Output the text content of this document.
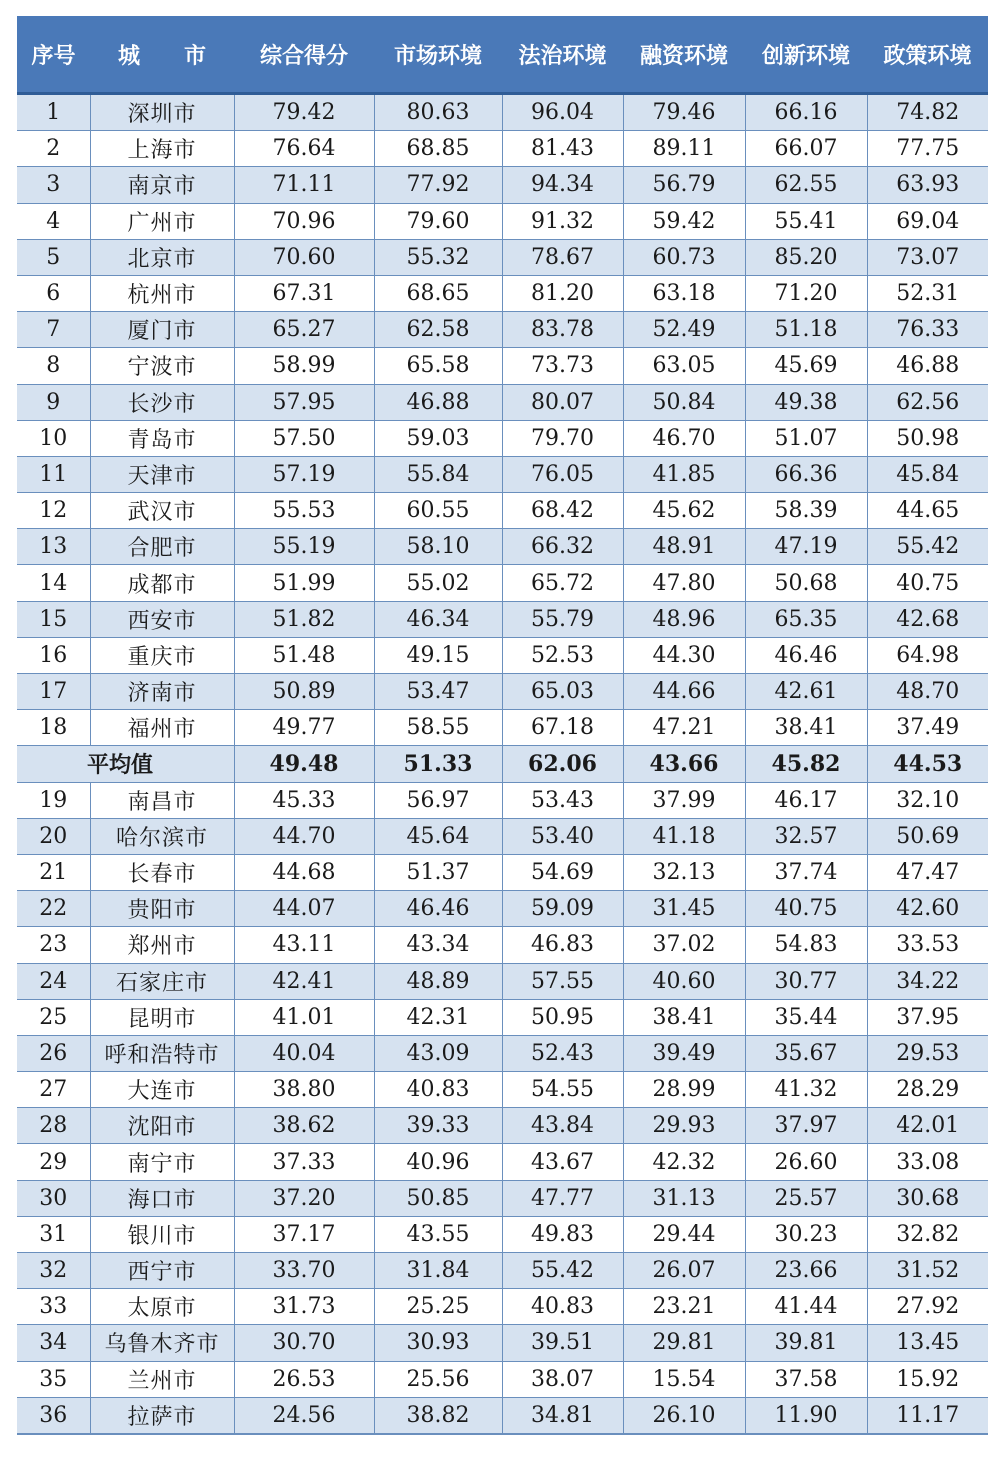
序号	城　　市	综合得分	市场环境	法治环境	融资环境	创新环境	政策环境
1	深圳市	79.42	80.63	96.04	79.46	66.16	74.82
2	上海市	76.64	68.85	81.43	89.11	66.07	77.75
3	南京市	71.11	77.92	94.34	56.79	62.55	63.93
4	广州市	70.96	79.60	91.32	59.42	55.41	69.04
5	北京市	70.60	55.32	78.67	60.73	85.20	73.07
6	杭州市	67.31	68.65	81.20	63.18	71.20	52.31
7	厦门市	65.27	62.58	83.78	52.49	51.18	76.33
8	宁波市	58.99	65.58	73.73	63.05	45.69	46.88
9	长沙市	57.95	46.88	80.07	50.84	49.38	62.56
10	青岛市	57.50	59.03	79.70	46.70	51.07	50.98
11	天津市	57.19	55.84	76.05	41.85	66.36	45.84
12	武汉市	55.53	60.55	68.42	45.62	58.39	44.65
13	合肥市	55.19	58.10	66.32	48.91	47.19	55.42
14	成都市	51.99	55.02	65.72	47.80	50.68	40.75
15	西安市	51.82	46.34	55.79	48.96	65.35	42.68
16	重庆市	51.48	49.15	52.53	44.30	46.46	64.98
17	济南市	50.89	53.47	65.03	44.66	42.61	48.70
18	福州市	49.77	58.55	67.18	47.21	38.41	37.49
平均值		49.48	51.33	62.06	43.66	45.82	44.53
19	南昌市	45.33	56.97	53.43	37.99	46.17	32.10
20	哈尔滨市	44.70	45.64	53.40	41.18	32.57	50.69
21	长春市	44.68	51.37	54.69	32.13	37.74	47.47
22	贵阳市	44.07	46.46	59.09	31.45	40.75	42.60
23	郑州市	43.11	43.34	46.83	37.02	54.83	33.53
24	石家庄市	42.41	48.89	57.55	40.60	30.77	34.22
25	昆明市	41.01	42.31	50.95	38.41	35.44	37.95
26	呼和浩特市	40.04	43.09	52.43	39.49	35.67	29.53
27	大连市	38.80	40.83	54.55	28.99	41.32	28.29
28	沈阳市	38.62	39.33	43.84	29.93	37.97	42.01
29	南宁市	37.33	40.96	43.67	42.32	26.60	33.08
30	海口市	37.20	50.85	47.77	31.13	25.57	30.68
31	银川市	37.17	43.55	49.83	29.44	30.23	32.82
32	西宁市	33.70	31.84	55.42	26.07	23.66	31.52
33	太原市	31.73	25.25	40.83	23.21	41.44	27.92
34	乌鲁木齐市	30.70	30.93	39.51	29.81	39.81	13.45
35	兰州市	26.53	25.56	38.07	15.54	37.58	15.92
36	拉萨市	24.56	38.82	34.81	26.10	11.90	11.17
